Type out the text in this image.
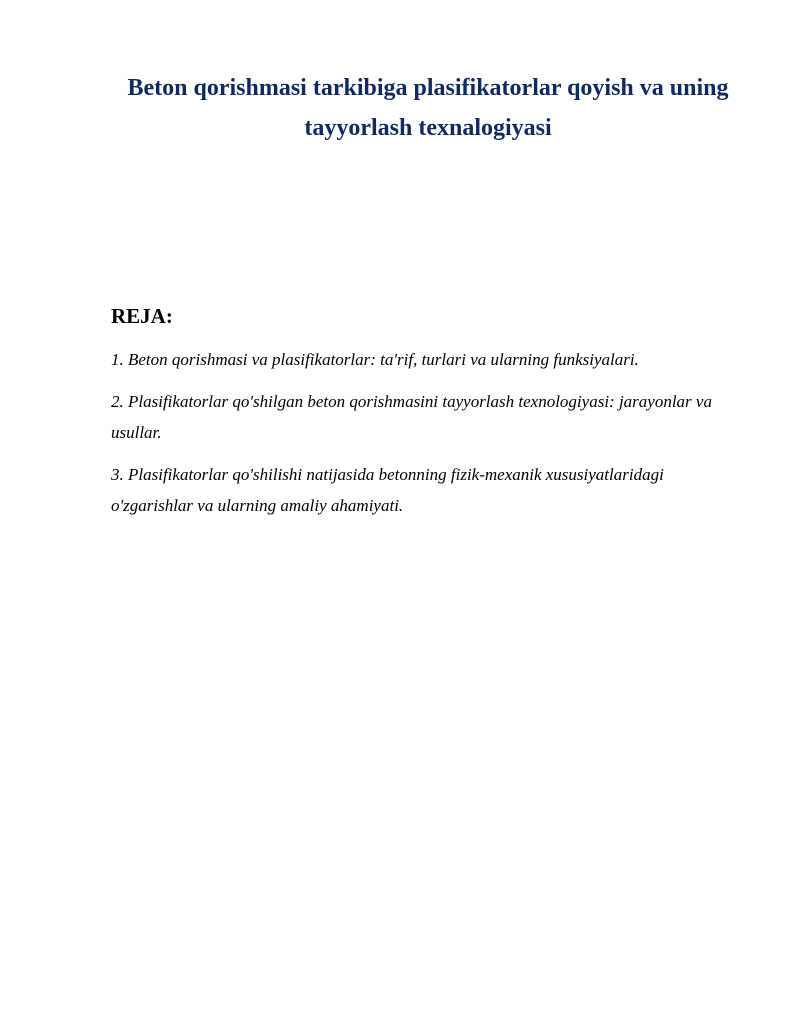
Beton qorishmasi tarkibiga plasifikatorlar qoyish va uning tayyorlash texnalogiyasi
REJA:
1. Beton qorishmasi va plasifikatorlar: ta'rif, turlari va ularning funksiyalari.
2. Plasifikatorlar qo'shilgan beton qorishmasini tayyorlash texnologiyasi: jarayonlar va usullar.
3. Plasifikatorlar qo'shilishi natijasida betonning fizik-mexanik xususiyatlaridagi o'zgarishlar va ularning amaliy ahamiyati.
